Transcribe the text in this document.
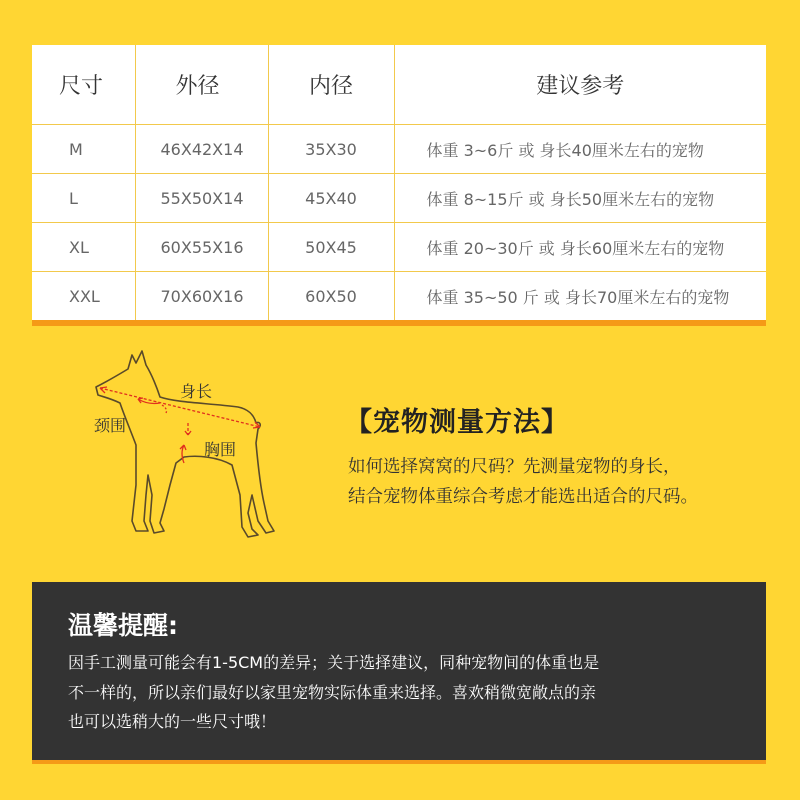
尺寸	外径	内径	建议参考
M	46X42X14	35X30	体重 3~6斤 或 身长40厘米左右的宠物
L	55X50X14	45X40	体重 8~15斤 或 身长50厘米左右的宠物
XL	60X55X16	50X45	体重 20~30斤 或 身长60厘米左右的宠物
XXL	70X60X16	60X50	体重 35~50 斤 或 身长70厘米左右的宠物
身长
颈围
胸围
【宠物测量方法】
如何选择窝窝的尺码？先测量宠物的身长，
结合宠物体重综合考虑才能选出适合的尺码。
温馨提醒:
因手工测量可能会有1-5CM的差异；关于选择建议，同种宠物间的体重也是
不一样的，所以亲们最好以家里宠物实际体重来选择。喜欢稍微宽敞点的亲
也可以选稍大的一些尺寸哦！
